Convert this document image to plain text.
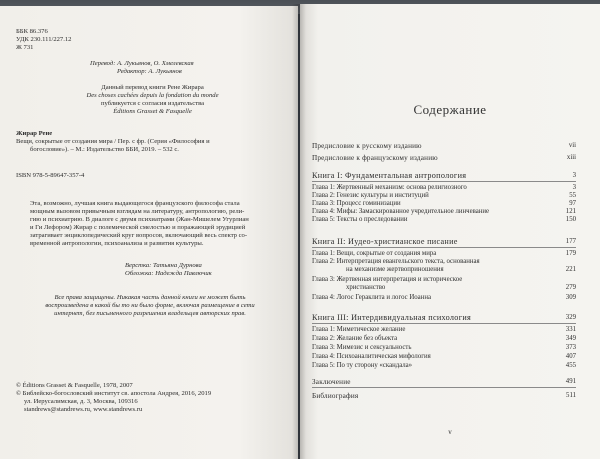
ББК 86.376
УДК 230.111/227.12
Ж 731
Перевод: А. Лукьянов, О. Хмелевская
Редактор: А. Лукьянов
Данный перевод книги Рене Жирара
Des choses cachées depuis la fondation du monde
публикуется с согласия издательства
Éditions Grasset & Fasquelle
Жирар Рене
Вещи, сокрытые от создания мира / Пер. с фр. (Серия «Философия и
богословие»). – М.: Издательство ББИ, 2019. – 532 с.
ISBN 978-5-89647-357-4
Эта, возможно, лучшая книга выдающегося французского философа стала
мощным вызовом привычным взглядам на литературу, антропологию, рели-
гию и психиатрию. В диалоге с двумя психиатрами (Жан-Мишелем Угурлиан
и Ги Лефором) Жирар с полемической смелостью и поражающей эрудицией
затрагивает энциклопедический круг вопросов, включающий весь спектр со-
временной антропологии, психоанализа и развития культуры.
Верстка: Татьяна Дурнова
Обложка: Надежда Павлючик
Все права защищены. Никакая часть данной книги не может быть
воспроизведена в какой бы то ни было форме, включая размещение в сети
интернет, без письменного разрешения владельцев авторских прав.
© Éditions Grasset & Fasquelle, 1978, 2007
© Библейско-богословский институт св. апостола Андрея, 2016, 2019
ул. Иерусалимская, д. 3, Москва, 109316
standrews@standrews.ru, www.standrews.ru
Содержание
Предисловие к русскому изданию	vii
Предисловие к французскому изданию	xiii
Книга I: Фундаментальная антропология	3
Глава 1: Жертвенный механизм: основа религиозного	3
Глава 2: Генезис культуры и институций	55
Глава 3: Процесс гоминизации	97
Глава 4: Мифы: Замаскированное учредительное линчевание	121
Глава 5: Тексты о преследовании	150
Книга II: Иудео-христианское писание	177
Глава 1: Вещи, сокрытые от создания мира	179
Глава 2: Интерпретация евангельского текста, основанная
на механизме жертвоприношения	221
Глава 3: Жертвенная интерпретация и историческое
христианство	279
Глава 4: Логос Гераклита и логос Иоанна	309
Книга III: Интердивидуальная психология	329
Глава 1: Миметическое желание	331
Глава 2: Желание без объекта	349
Глава 3: Мимезис и сексуальность	373
Глава 4: Психоаналитическая мифология	407
Глава 5: По ту сторону «скандала»	455
Заключение	491
Библиография	511
v
